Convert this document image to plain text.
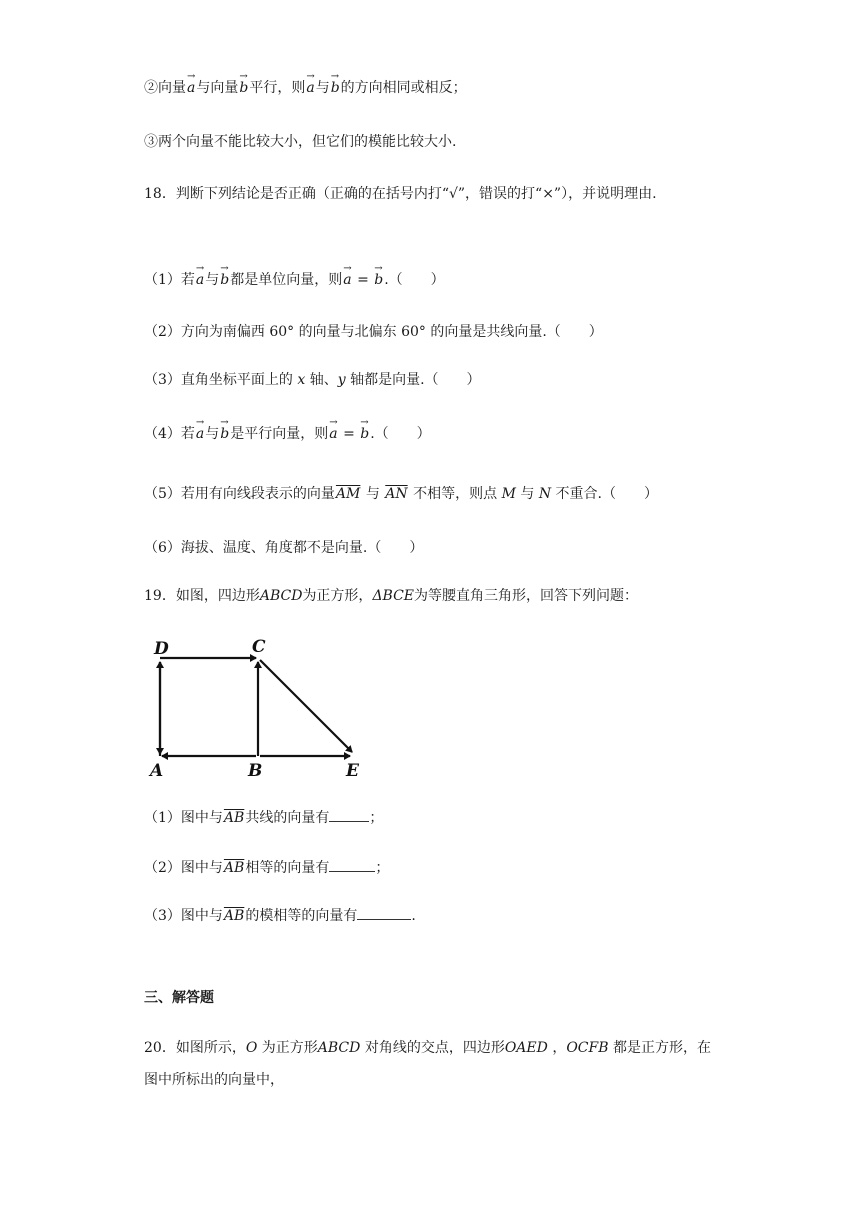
②向量→ a与向量→ b平行，则→ a与→ b的方向相同或相反；
③两个向量不能比较大小，但它们的模能比较大小.
18．判断下列结论是否正确（正确的在括号内打“√”，错误的打“×”），并说明理由.
（1）若→ a与→ b都是单位向量，则→ a = → b.（　　）
（2）方向为南偏西 60° 的向量与北偏东 60° 的向量是共线向量.（　　）
（3）直角坐标平面上的 x 轴、y 轴都是向量.（　　）
（4）若→ a与→ b是平行向量，则→ a = → b.（　　）
（5）若用有向线段表示的向量$\overline{AM}$ 与 $\overline{AN}$ 不相等，则点 M 与 N 不重合.（　　）
（6）海拔、温度、角度都不是向量.（　　）
19．如图，四边形ABCD为正方形，ΔBCE为等腰直角三角形，回答下列问题：
D	C
A	B	E
（1）图中与$\overline{AB}$共线的向量有	；
（2）图中与$\overline{AB}$相等的向量有	；
（3）图中与$\overline{AB}$的模相等的向量有	.
三、解答题
20．如图所示，O 为正方形ABCD 对角线的交点，四边形OAED ，OCFB 都是正方形，在图中所标出的向量中，
